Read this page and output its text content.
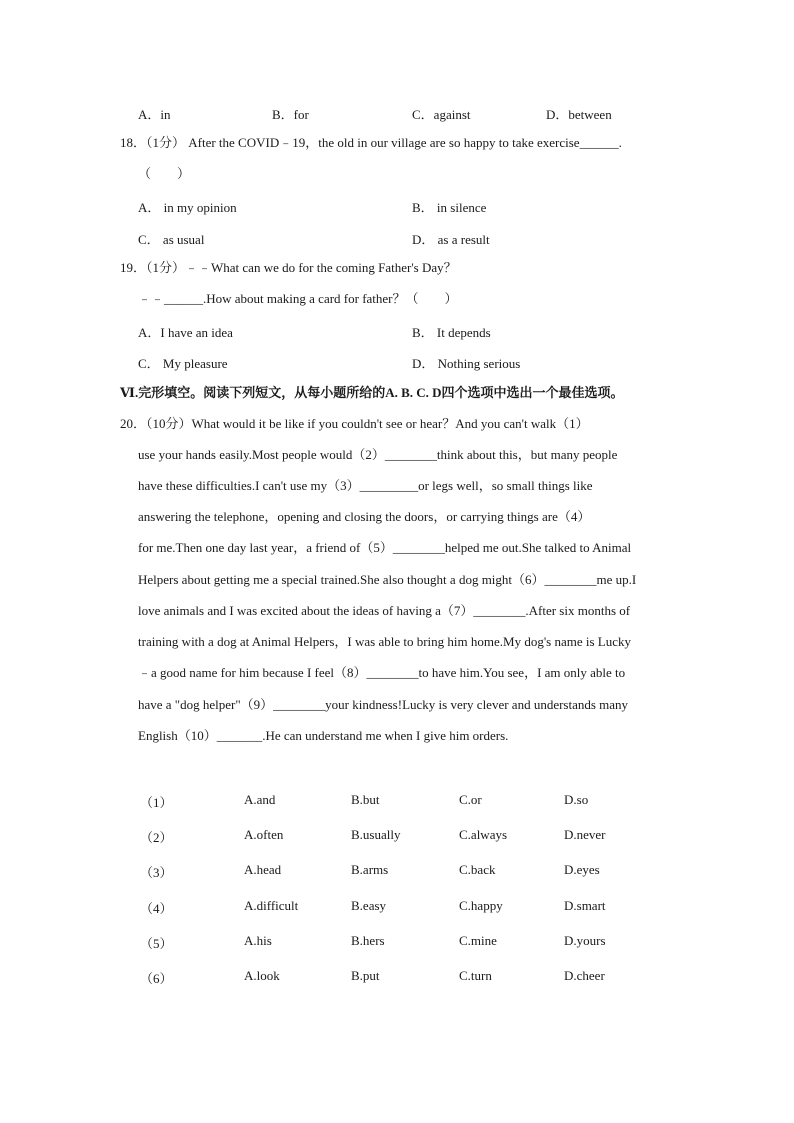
A．in	B．for	C．against	D．between
18．（1分） After the COVID﹣19，the old in our village are so happy to take exercise______.
（　　）
A． in my opinion	B． in silence
C． as usual	D． as a result
19．（1分）﹣﹣What can we do for the coming Father's Day？
﹣﹣______.How about making a card for father？（　　）
A．I have an idea	B． It depends
C． My pleasure	D． Nothing serious
Ⅵ.完形填空。阅读下列短文，从每小题所给的A. B. C. D四个选项中选出一个最佳选项。
20．（10分）What would it be like if you couldn't see or hear？And you can't walk（1）
use your hands easily.Most people would（2）________think about this，but many people
have these difficulties.I can't use my（3）_________or legs well，so small things like
answering the telephone，opening and closing the doors，or carrying things are（4）
for me.Then one day last year，a friend of（5）________helped me out.She talked to Animal
Helpers about getting me a special trained.She also thought a dog might（6）________me up.I
love animals and I was excited about the ideas of having a（7）________.After six months of
training with a dog at Animal Helpers，I was able to bring him home.My dog's name is Lucky
﹣a good name for him because I feel（8）________to have him.You see，I am only able to
have a "dog helper"（9）________your kindness!Lucky is very clever and understands many
English（10）_______.He can understand me when I give him orders.
（1）	A.and	B.but	C.or	D.so
（2）	A.often	B.usually	C.always	D.never
（3）	A.head	B.arms	C.back	D.eyes
（4）	A.difficult	B.easy	C.happy	D.smart
（5）	A.his	B.hers	C.mine	D.yours
（6）	A.look	B.put	C.turn	D.cheer
